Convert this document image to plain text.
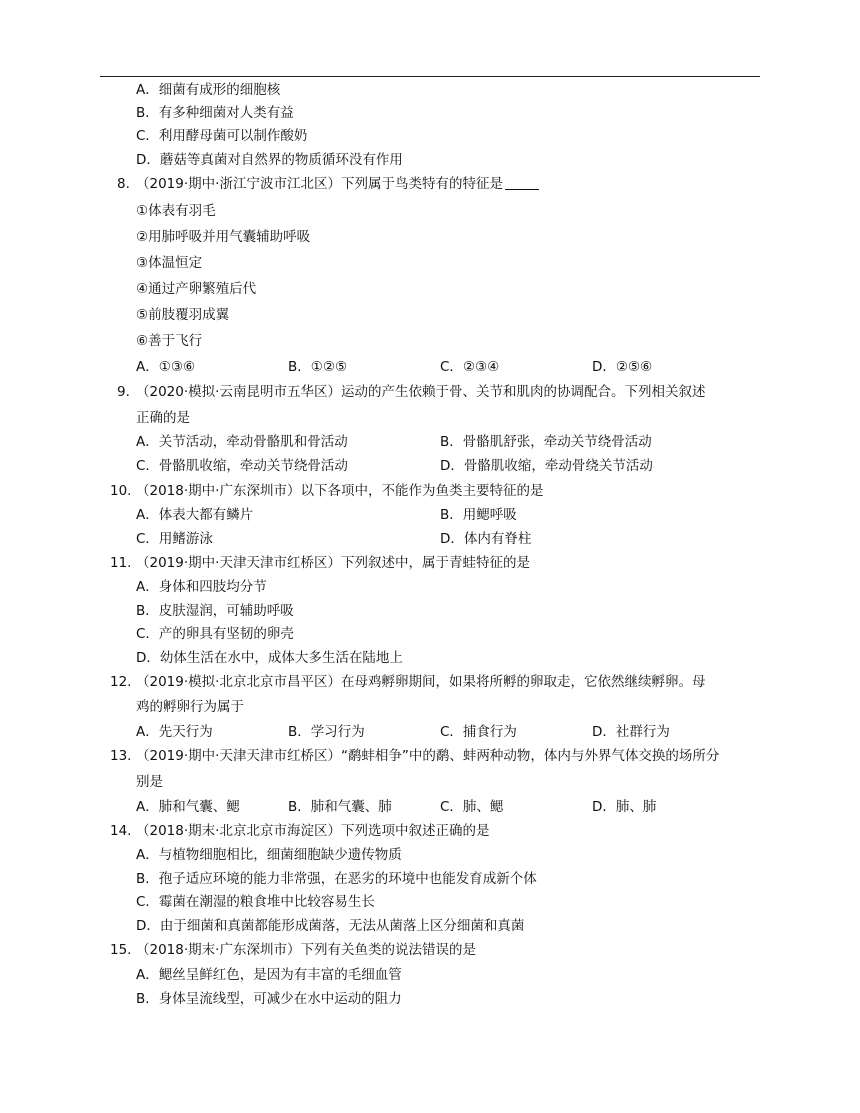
A．细菌有成形的细胞核
B．有多种细菌对人类有益
C．利用酵母菌可以制作酸奶
D．蘑菇等真菌对自然界的物质循环没有作用
8. （2019·期中·浙江宁波市江北区）下列属于鸟类特有的特征是
①体表有羽毛
②用肺呼吸并用气囊辅助呼吸
③体温恒定
④通过产卵繁殖后代
⑤前肢覆羽成翼
⑥善于飞行
A．①③⑥	B．①②⑤	C．②③④	D．②⑤⑥
9. （2020·模拟·云南昆明市五华区）运动的产生依赖于骨、关节和肌肉的协调配合。下列相关叙述
正确的是
A．关节活动，牵动骨骼肌和骨活动	B．骨骼肌舒张，牵动关节绕骨活动
C．骨骼肌收缩，牵动关节绕骨活动	D．骨骼肌收缩，牵动骨绕关节活动
10. （2018·期中·广东深圳市）以下各项中，不能作为鱼类主要特征的是
A．体表大都有鳞片	B．用鳃呼吸
C．用鳍游泳	D．体内有脊柱
11. （2019·期中·天津天津市红桥区）下列叙述中，属于青蛙特征的是
A．身体和四肢均分节
B．皮肤湿润，可辅助呼吸
C．产的卵具有坚韧的卵壳
D．幼体生活在水中，成体大多生活在陆地上
12. （2019·模拟·北京北京市昌平区）在母鸡孵卵期间，如果将所孵的卵取走，它依然继续孵卵。母
鸡的孵卵行为属于
A．先天行为	B．学习行为	C．捕食行为	D．社群行为
13. （2019·期中·天津天津市红桥区）“鹬蚌相争”中的鹬、蚌两种动物，体内与外界气体交换的场所分
别是
A．肺和气囊、鳃	B．肺和气囊、肺	C．肺、鳃	D．肺、肺
14. （2018·期末·北京北京市海淀区）下列选项中叙述正确的是
A．与植物细胞相比，细菌细胞缺少遗传物质
B．孢子适应环境的能力非常强，在恶劣的环境中也能发育成新个体
C．霉菌在潮湿的粮食堆中比较容易生长
D．由于细菌和真菌都能形成菌落，无法从菌落上区分细菌和真菌
15. （2018·期末·广东深圳市）下列有关鱼类的说法错误的是
A．鳃丝呈鲜红色，是因为有丰富的毛细血管
B．身体呈流线型，可减少在水中运动的阻力
